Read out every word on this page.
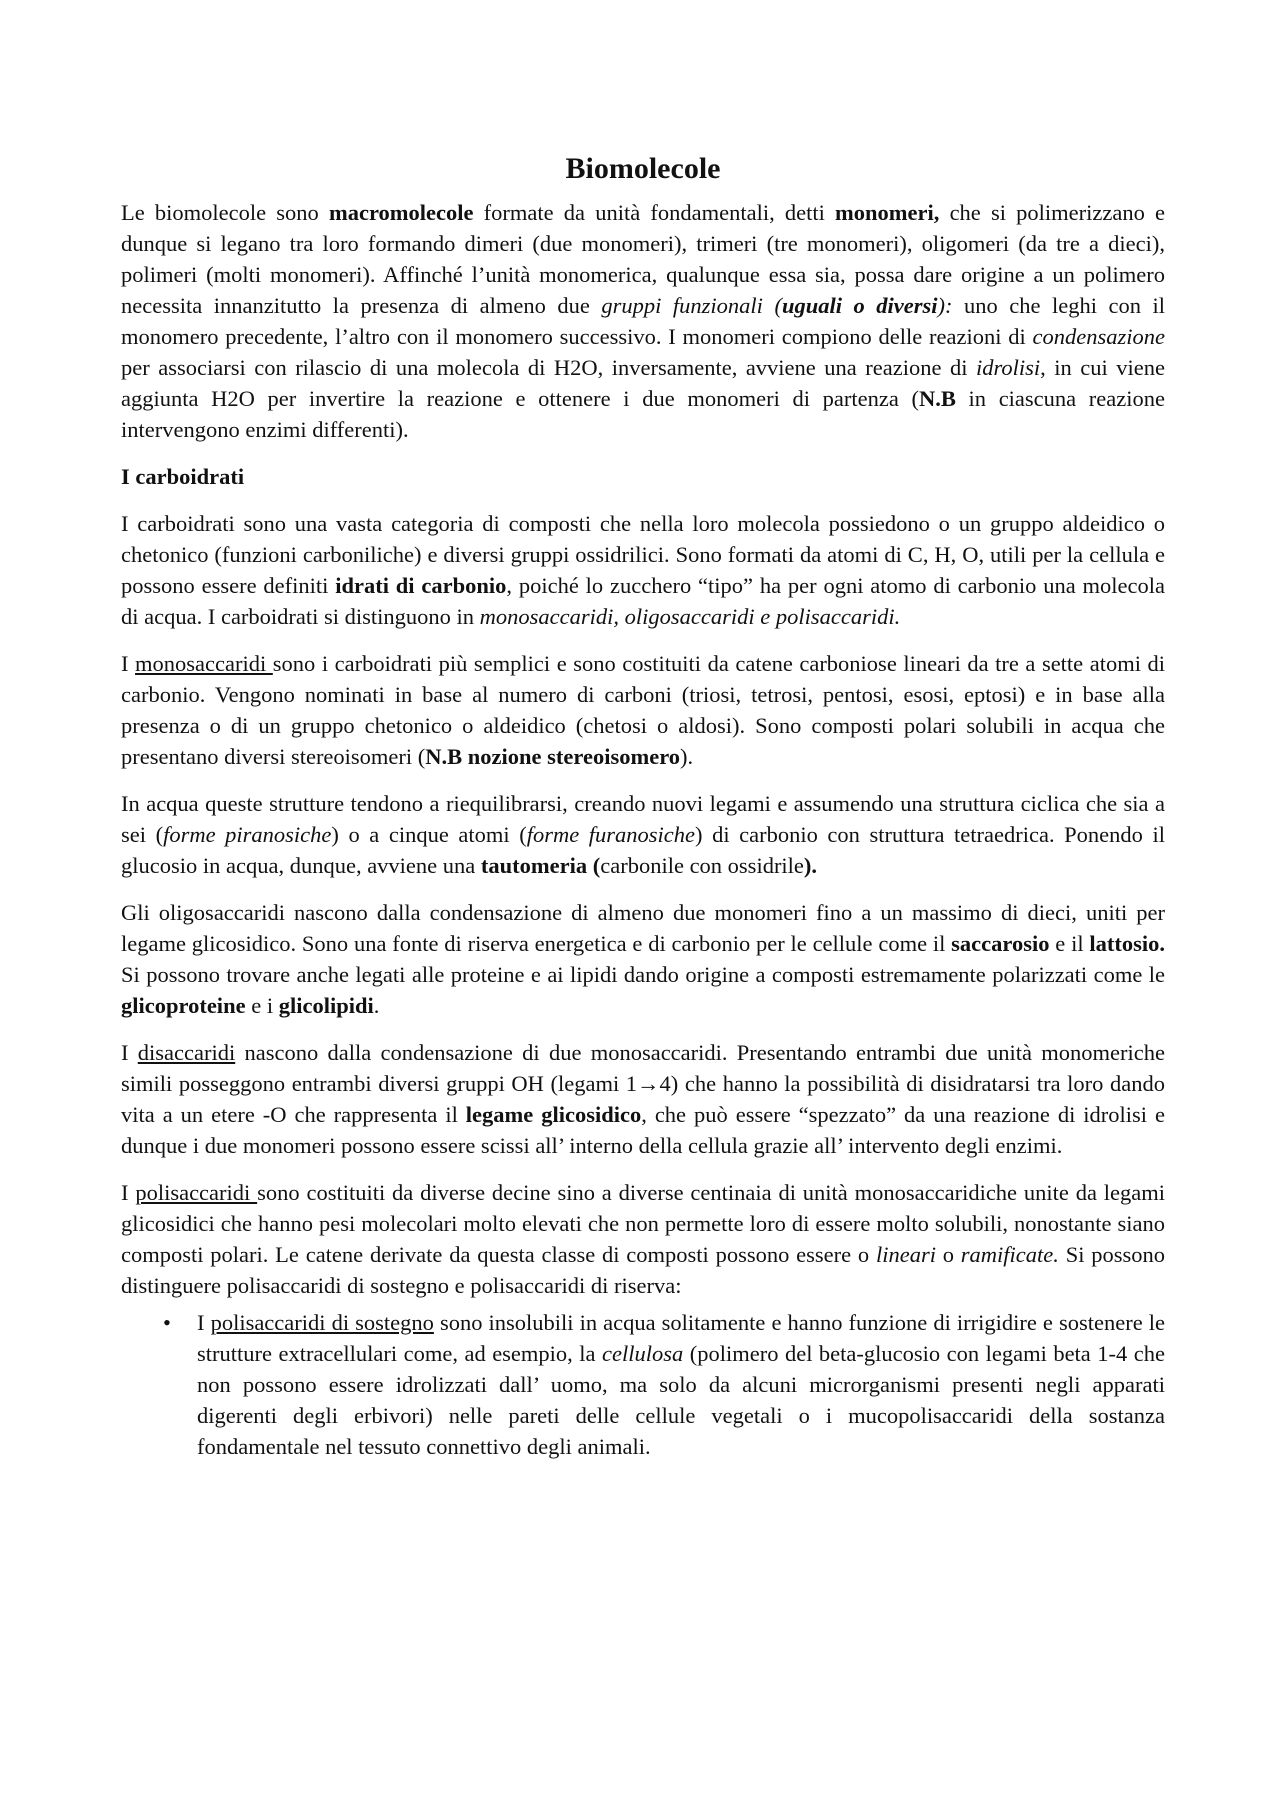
Biomolecole

Le biomolecole sono macromolecole formate da unità fondamentali, detti monomeri, che si polimerizzano e dunque si legano tra loro formando dimeri (due monomeri), trimeri (tre monomeri), oligomeri (da tre a dieci), polimeri (molti monomeri). Affinché l’unità monomerica, qualunque essa sia, possa dare origine a un polimero necessita innanzitutto la presenza di almeno due gruppi funzionali (uguali o diversi): uno che leghi con il monomero precedente, l’altro con il monomero successivo. I monomeri compiono delle reazioni di condensazione per associarsi con rilascio di una molecola di H2O, inversamente, avviene una reazione di idrolisi, in cui viene aggiunta H2O per invertire la reazione e ottenere i due monomeri di partenza (N.B in ciascuna reazione intervengono enzimi differenti).

I carboidrati

I carboidrati sono una vasta categoria di composti che nella loro molecola possiedono o un gruppo aldeidico o chetonico (funzioni carboniliche) e diversi gruppi ossidrilici. Sono formati da atomi di C, H, O, utili per la cellula e possono essere definiti idrati di carbonio, poiché lo zucchero “tipo” ha per ogni atomo di carbonio una molecola di acqua. I carboidrati si distinguono in monosaccaridi, oligosaccaridi e polisaccaridi.

I monosaccaridi sono i carboidrati più semplici e sono costituiti da catene carboniose lineari da tre a sette atomi di carbonio. Vengono nominati in base al numero di carboni (triosi, tetrosi, pentosi, esosi, eptosi) e in base alla presenza o di un gruppo chetonico o aldeidico (chetosi o aldosi). Sono composti polari solubili in acqua che presentano diversi stereoisomeri (N.B nozione stereoisomero).

In acqua queste strutture tendono a riequilibrarsi, creando nuovi legami e assumendo una struttura ciclica che sia a sei (forme piranosiche) o a cinque atomi (forme furanosiche) di carbonio con struttura tetraedrica. Ponendo il glucosio in acqua, dunque, avviene una tautomeria (carbonile con ossidrile).

Gli oligosaccaridi nascono dalla condensazione di almeno due monomeri fino a un massimo di dieci, uniti per legame glicosidico. Sono una fonte di riserva energetica e di carbonio per le cellule come il saccarosio e il lattosio. Si possono trovare anche legati alle proteine e ai lipidi dando origine a composti estremamente polarizzati come le glicoproteine e i glicolipidi.

I disaccaridi nascono dalla condensazione di due monosaccaridi. Presentando entrambi due unità monomeriche simili posseggono entrambi diversi gruppi OH (legami 1→4) che hanno la possibilità di disidratarsi tra loro dando vita a un etere -O che rappresenta il legame glicosidico, che può essere “spezzato” da una reazione di idrolisi e dunque i due monomeri possono essere scissi all’ interno della cellula grazie all’ intervento degli enzimi.

I polisaccaridi sono costituiti da diverse decine sino a diverse centinaia di unità monosaccaridiche unite da legami glicosidici che hanno pesi molecolari molto elevati che non permette loro di essere molto solubili, nonostante siano composti polari. Le catene derivate da questa classe di composti possono essere o lineari o ramificate. Si possono distinguere polisaccaridi di sostegno e polisaccaridi di riserva:

• I polisaccaridi di sostegno sono insolubili in acqua solitamente e hanno funzione di irrigidire e sostenere le strutture extracellulari come, ad esempio, la cellulosa (polimero del beta-glucosio con legami beta 1-4 che non possono essere idrolizzati dall’ uomo, ma solo da alcuni microrganismi presenti negli apparati digerenti degli erbivori) nelle pareti delle cellule vegetali o i mucopolisaccaridi della sostanza fondamentale nel tessuto connettivo degli animali.
